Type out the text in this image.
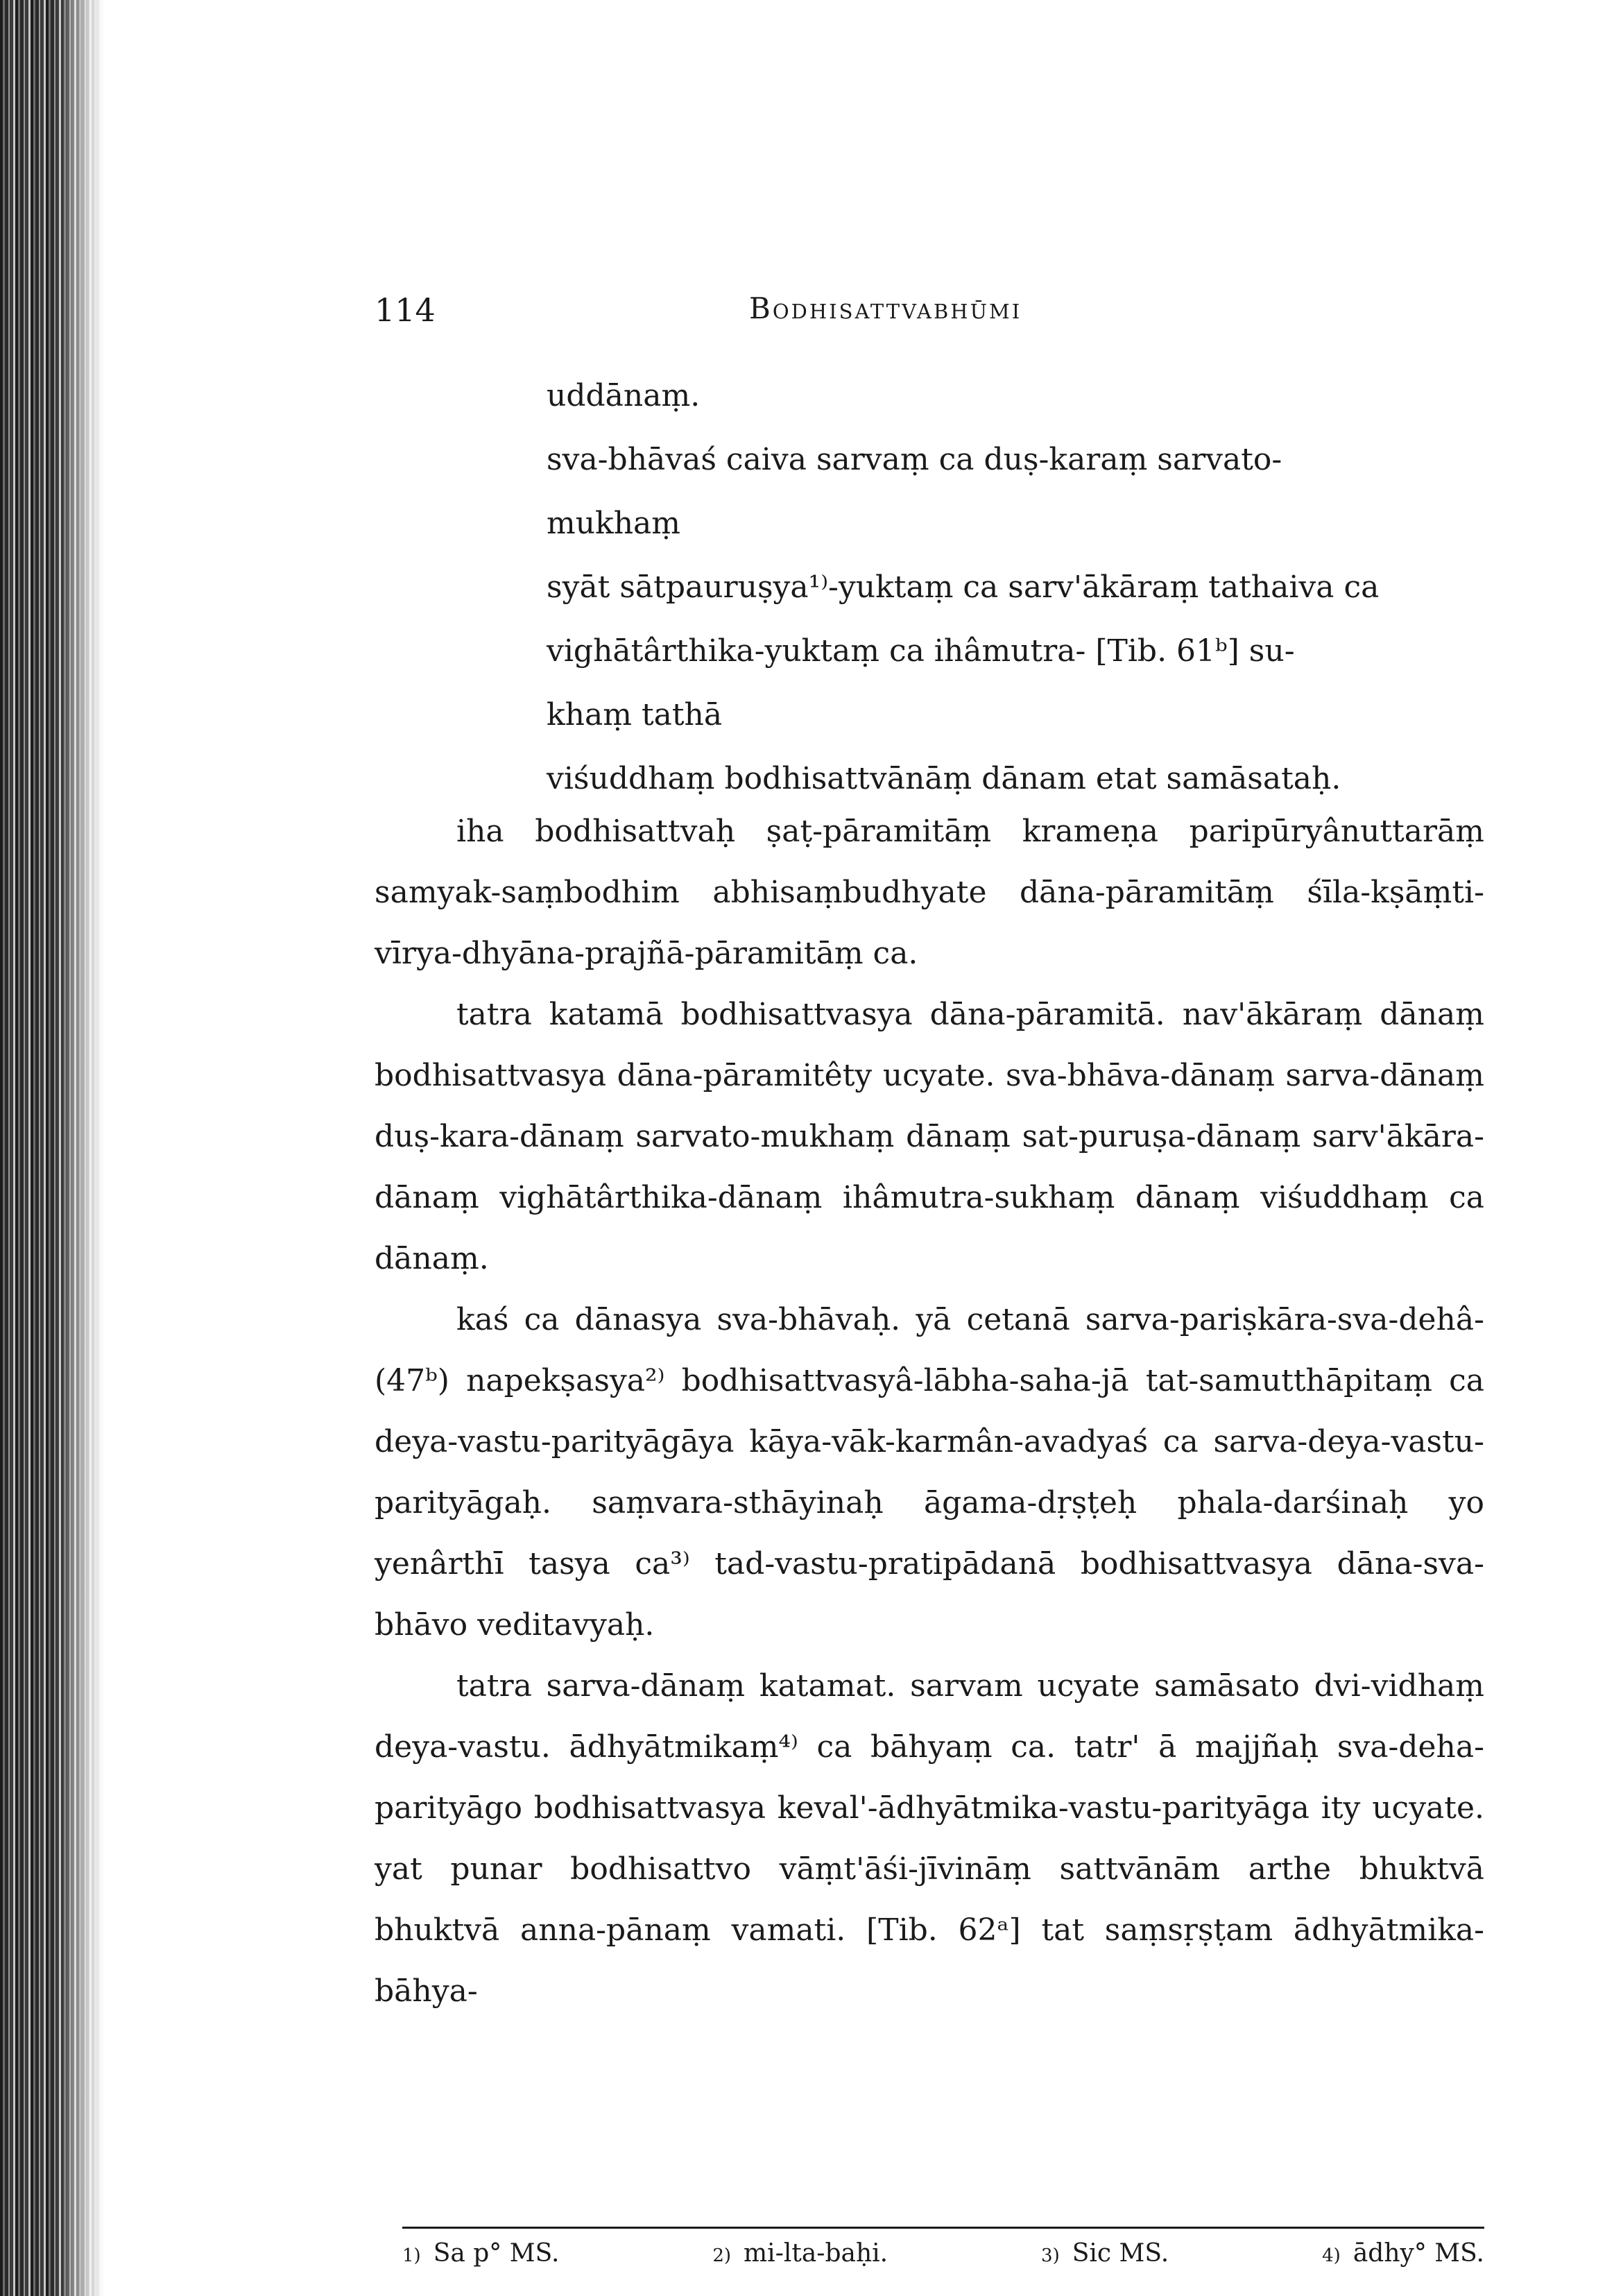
114	Bodhisattvabhūmi
uddānaṃ.
sva-bhāvaś caiva sarvaṃ ca duṣ-karaṃ sarvato-
mukhaṃ
syāt sātpauruṣya¹⁾-yuktaṃ ca sarv'ākāraṃ tathaiva ca
vighātârthika-yuktaṃ ca ihâmutra- [Tib. 61ᵇ] su-
khaṃ tathā
viśuddhaṃ bodhisattvānāṃ dānam etat samāsataḥ.

iha bodhisattvaḥ ṣaṭ-pāramitāṃ krameṇa paripūryânuttarāṃ samyak-saṃbodhim abhisaṃbudhyate dāna-pāramitāṃ śīla-kṣāṃti-vīrya-dhyāna-prajñā-pāramitāṃ ca.

tatra katamā bodhisattvasya dāna-pāramitā. nav'ākāraṃ dānaṃ bodhisattvasya dāna-pāramitêty ucyate. sva-bhāva-dānaṃ sarva-dānaṃ duṣ-kara-dānaṃ sarvato-mukhaṃ dānaṃ sat-puruṣa-dānaṃ sarv'ākāra-dānaṃ vighātârthika-dānaṃ ihâmutra-sukhaṃ dānaṃ viśuddhaṃ ca dānaṃ.

kaś ca dānasya sva-bhāvaḥ. yā cetanā sarva-pariṣkāra-sva-dehâ- (47ᵇ) napekṣasya²⁾ bodhisattvasyâ-lābha-saha-jā tat-samutthāpitaṃ ca deya-vastu-parityāgāya kāya-vāk-karmân-avadyaś ca sarva-deya-vastu-parityāgaḥ. saṃvara-sthāyinaḥ āgama-dṛṣṭeḥ phala-darśinaḥ yo yenârthī tasya ca³⁾ tad-vastu-pratipādanā bodhisattvasya dāna-sva-bhāvo veditavyaḥ.

tatra sarva-dānaṃ katamat. sarvam ucyate samāsato dvi-vidhaṃ deya-vastu. ādhyātmikaṃ⁴⁾ ca bāhyaṃ ca. tatr' ā majjñaḥ sva-deha-parityāgo bodhisattvasya keval'-ādhyātmika-vastu-parityāga ity ucyate. yat punar bodhisattvo vāṃt'āśi-jīvināṃ sattvānām arthe bhuktvā bhuktvā anna-pānaṃ vamati. [Tib. 62ᵃ] tat saṃsṛṣṭam ādhyātmika-bāhya-

1) Sa p° MS.	2) mi-lta-baḥi.	3) Sic MS.	4) ādhy° MS.
